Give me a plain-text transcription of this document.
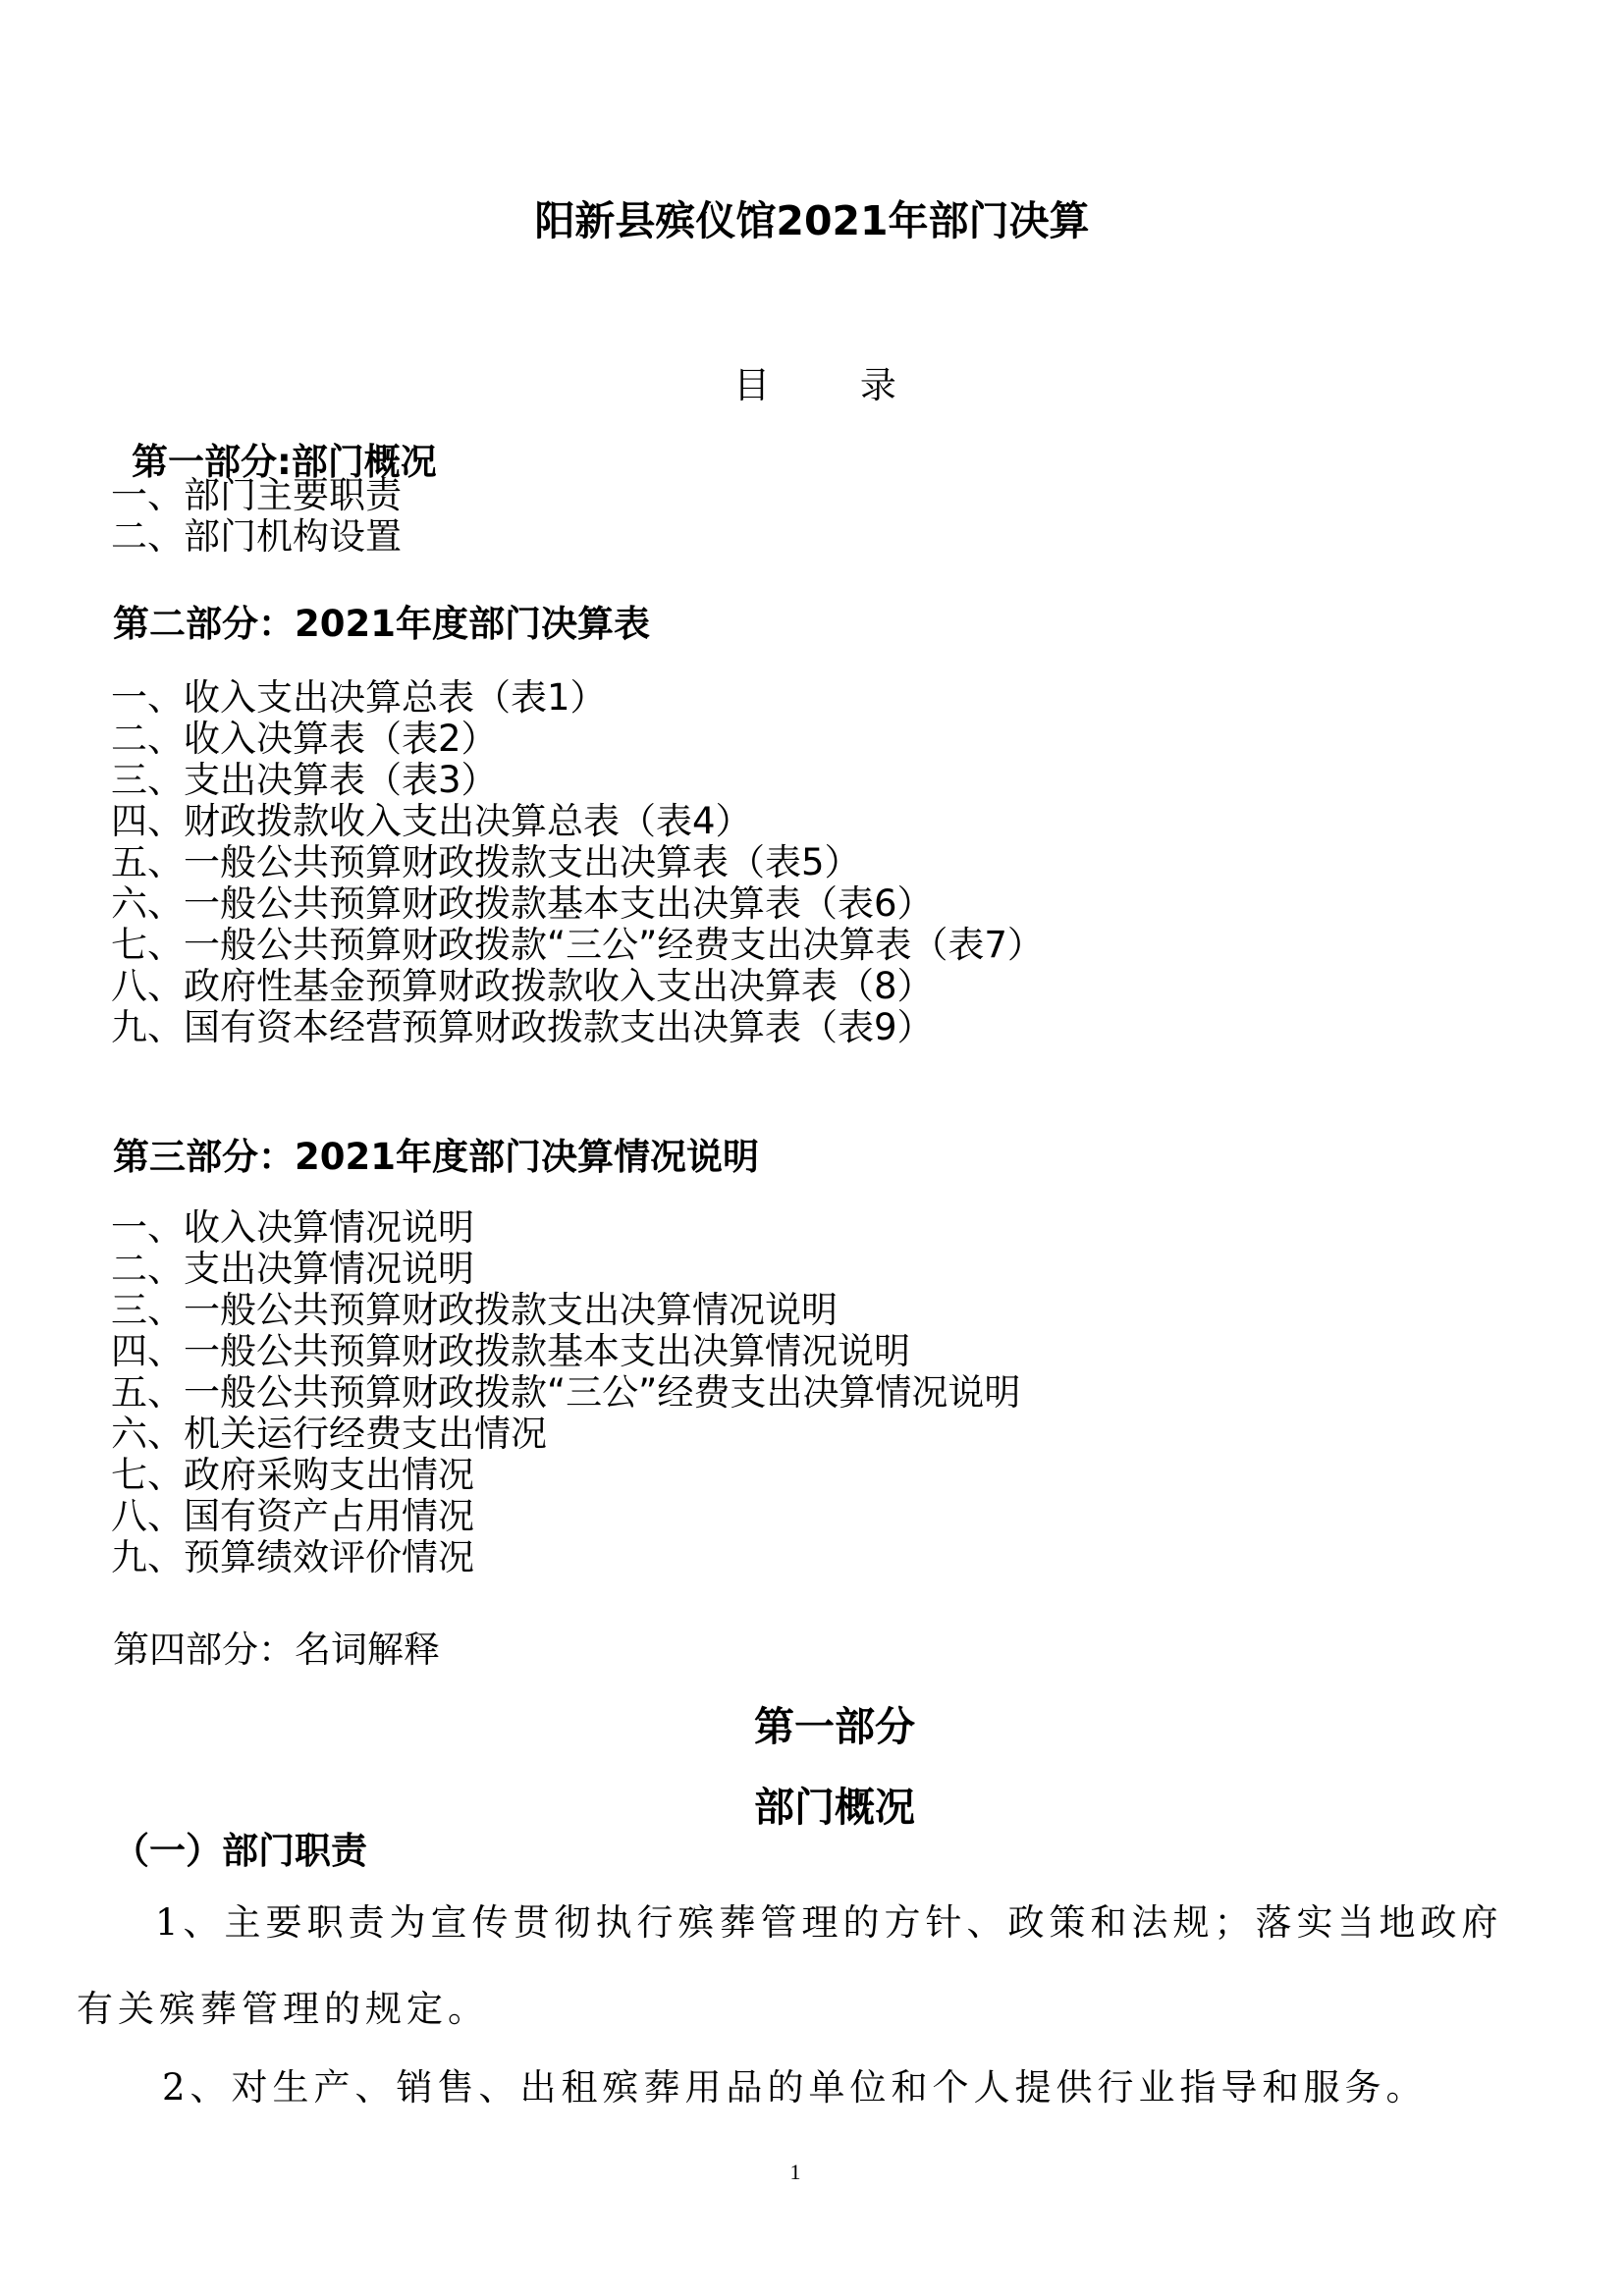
阳新县殡仪馆2021年部门决算
目 录
第一部分:部门概况
一、部门主要职责
二、部门机构设置
第二部分：2021年度部门决算表
一、收入支出决算总表（表1）
二、收入决算表（表2）
三、支出决算表（表3）
四、财政拨款收入支出决算总表（表4）
五、一般公共预算财政拨款支出决算表（表5）
六、一般公共预算财政拨款基本支出决算表（表6）
七、一般公共预算财政拨款“三公”经费支出决算表（表7）
八、政府性基金预算财政拨款收入支出决算表（8）
九、国有资本经营预算财政拨款支出决算表（表9）
第三部分：2021年度部门决算情况说明
一、收入决算情况说明
二、支出决算情况说明
三、一般公共预算财政拨款支出决算情况说明
四、一般公共预算财政拨款基本支出决算情况说明
五、一般公共预算财政拨款“三公”经费支出决算情况说明
六、机关运行经费支出情况
七、政府采购支出情况
八、国有资产占用情况
九、预算绩效评价情况
第四部分：名词解释
第一部分
部门概况
（一）部门职责
1、主要职责为宣传贯彻执行殡葬管理的方针、政策和法规；落实当地政府
有关殡葬管理的规定。
2、对生产、销售、出租殡葬用品的单位和个人提供行业指导和服务。
1
